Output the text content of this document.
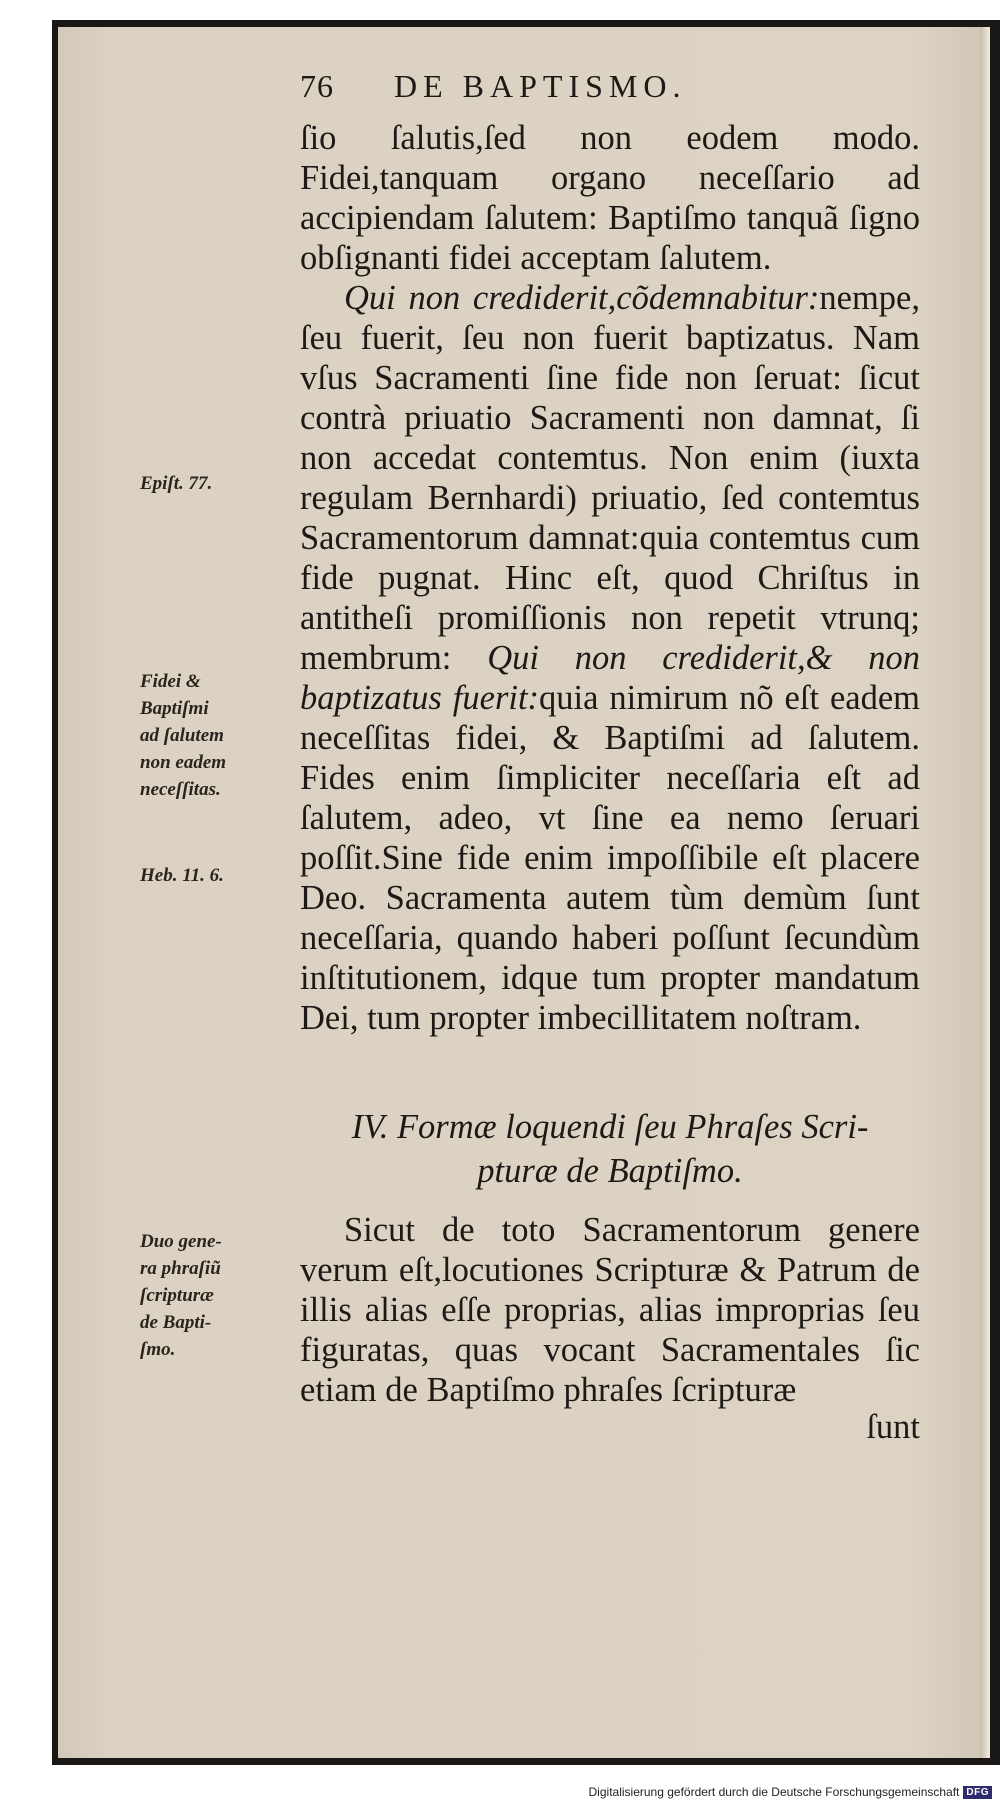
76 DE BAPTISMO.

ſio ſalutis,ſed non eodem modo. Fidei,tanquam organo neceſſario ad accipiendam ſalutem: Baptiſmo tanquã ſigno obſignanti fidei acceptam ſalutem.

Qui non crediderit,cõdemnabitur:nempe, ſeu fuerit, ſeu non fuerit baptizatus. Nam vſus Sacramenti ſine fide non ſeruat: ſicut contrà priuatio Sacramenti non damnat, ſi non accedat contemtus. Non enim (iuxta regulam Bernhardi) priuatio, ſed contemtus Sacramentorum damnat:quia contemtus cum fide pugnat. Hinc eſt, quod Chriſtus in antitheſi promiſſionis non repetit vtrunq; membrum: Qui non crediderit,& non baptizatus fuerit:quia nimirum nõ eſt eadem neceſſitas fidei, & Baptiſmi ad ſalutem. Fides enim ſimpliciter neceſſaria eſt ad ſalutem, adeo, vt ſine ea nemo ſeruari poſſit.Sine fide enim impoſſibile eſt placere Deo. Sacramenta autem tùm demùm ſunt neceſſaria, quando haberi poſſunt ſecundùm inſtitutionem, idque tum propter mandatum Dei, tum propter imbecillitatem noſtram.

IV. Formæ loquendi ſeu Phraſes Scri-
pturæ de Baptiſmo.

Sicut de toto Sacramentorum genere verum eſt,locutiones Scripturæ & Patrum de illis alias eſſe proprias, alias improprias ſeu figuratas, quas vocant Sacramentales ſic etiam de Baptiſmo phraſes ſcripturæ

ſunt
Epiſt. 77.
Fidei &
Baptiſmi
ad ſalutem
non eadem
neceſſitas.
Heb. 11. 6.
Duo gene-
ra phraſiũ
ſcripturæ
de Bapti-
ſmo.
Digitalisierung gefördert durch die Deutsche Forschungsgemeinschaft DFG
